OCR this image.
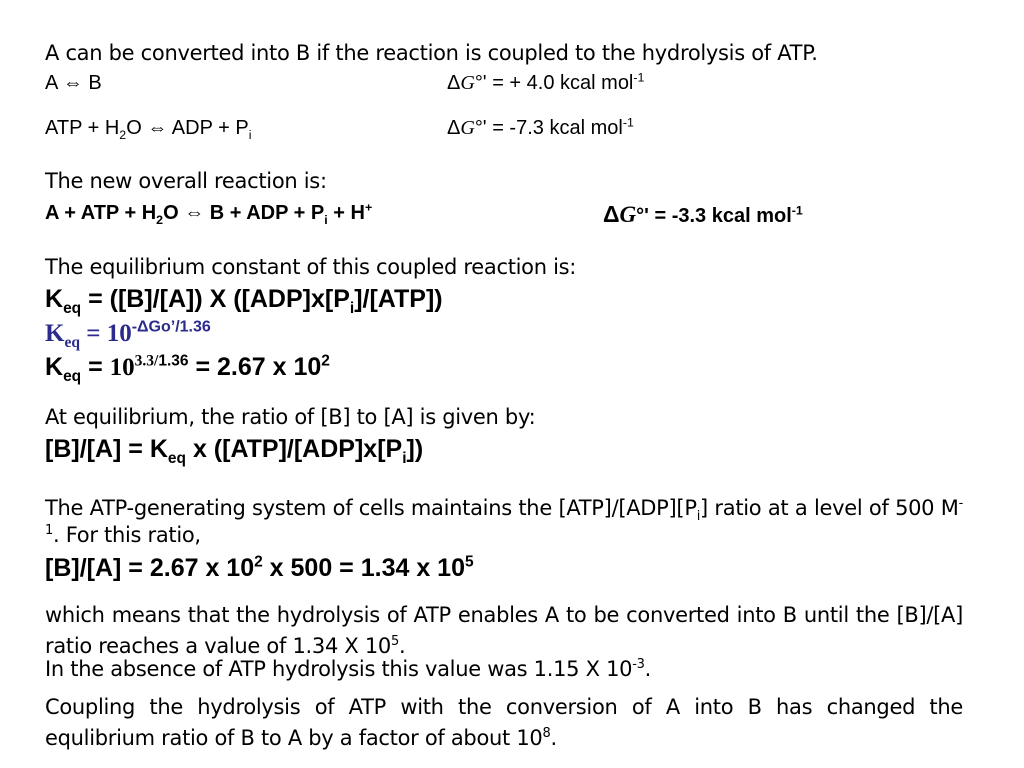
A can be converted into B if the reaction is coupled to the hydrolysis of ATP.
A ⇔ B	ΔG°' = + 4.0 kcal mol$^{-1}$
ATP + $H_2O$ ⇔ ADP + $P_i$	ΔG°' = -7.3 kcal mol$^{-1}$
The new overall reaction is:
A + ATP + $H_2O$ ⇔ B + ADP + $P_i + H^+$	ΔG°' = -3.3 kcal mol$^{-1}$
The equilibrium constant of this coupled reaction is:
$K_{eq} = ([B]/[A])$ X $([ADP]x[P_i]/[ATP])$
$K_{eq} = 10^{-\Delta Go’/1.36}$
$K_{eq} = 10^{3.3/1.36} = 2.67$ x $10^2$
At equilibrium, the ratio of [B] to [A] is given by:
$[B]/[A] = K_{eq}$ x $([ATP]/[ADP]x[P_i])$
The ATP-generating system of cells maintains the $[ATP]/[ADP][P_i]$ ratio at a level of 500 $M^{-1}$. For this ratio,
[B]/[A] = 2.67 x $10^2$ x 500 = 1.34 x $10^5$
which means that the hydrolysis of ATP enables A to be converted into B until the [B]/[A] ratio reaches a value of 1.34 X $10^5$.
In the absence of ATP hydrolysis this value was 1.15 X $10^{-3}$.
Coupling the hydrolysis of ATP with the conversion of A into B has changed the equlibrium ratio of B to A by a factor of about $10^8$.
